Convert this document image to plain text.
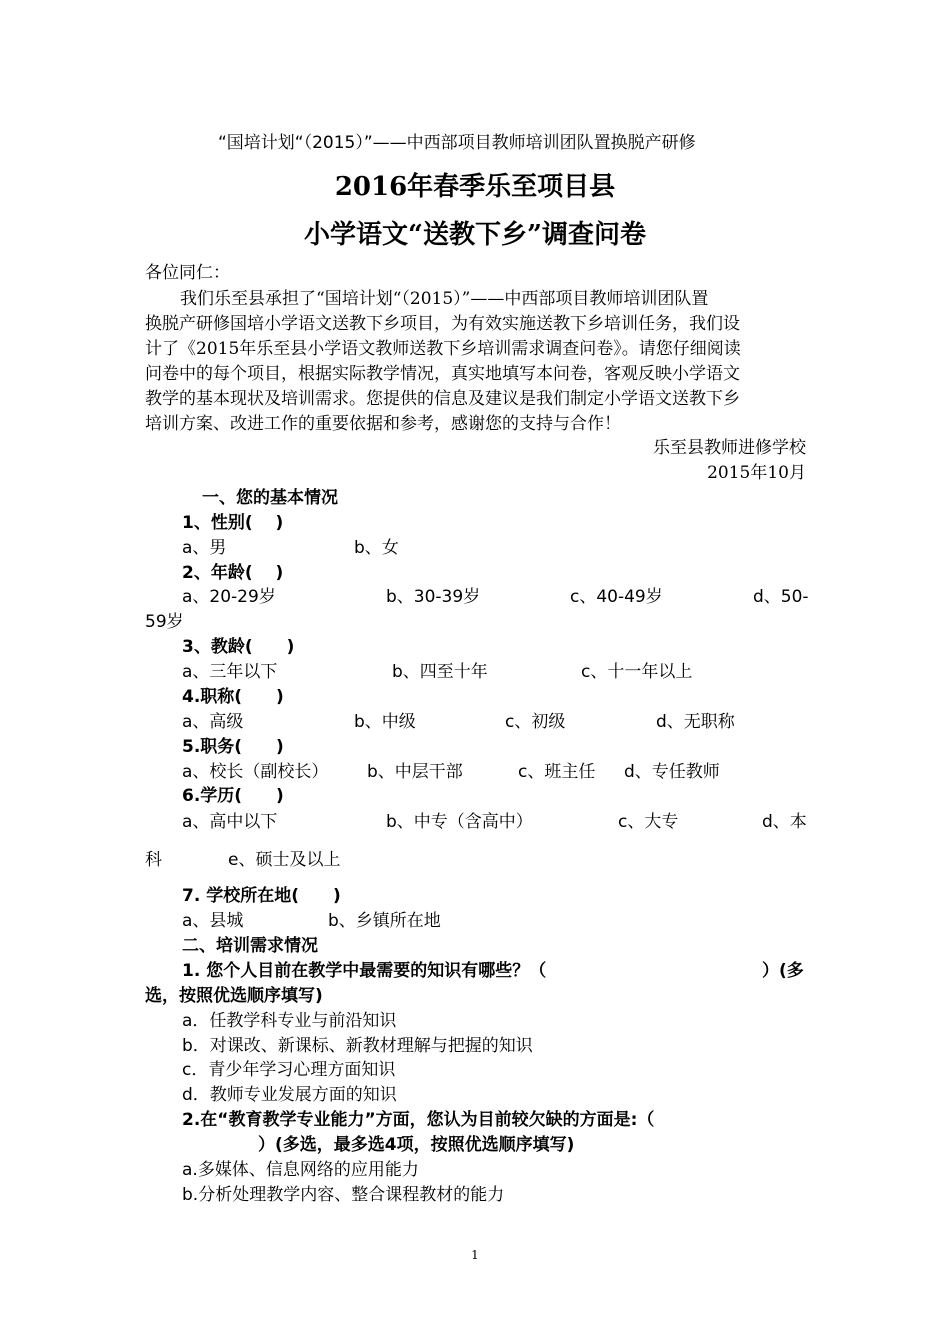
“国培计划“（2015）”——中西部项目教师培训团队置换脱产研修
2016年春季乐至项目县
小学语文“送教下乡”调查问卷
各位同仁：
我们乐至县承担了“国培计划“（2015）”——中西部项目教师培训团队置
换脱产研修国培小学语文送教下乡项目，为有效实施送教下乡培训任务，我们设
计了《2015年乐至县小学语文教师送教下乡培训需求调查问卷》。请您仔细阅读
问卷中的每个项目，根据实际教学情况，真实地填写本问卷，客观反映小学语文
教学的基本现状及培训需求。您提供的信息及建议是我们制定小学语文送教下乡
培训方案、改进工作的重要依据和参考，感谢您的支持与合作！
乐至县教师进修学校
2015年10月
一、您的基本情况
1、性别(　 )
a、男	b、女
2、年龄(　 )
a、20-29岁	b、30-39岁	c、40-49岁	d、50-
59岁
3、教龄(　　)
a、三年以下	b、四至十年	c、十一年以上
4.职称(　　)
a、高级	b、中级	c、初级	d、无职称
5.职务(　　)
a、校长（副校长） b、中层干部	c、班主任 d、专任教师
6.学历(　　)
a、高中以下	b、中专（含高中）	c、大专	d、本
科	e、硕士及以上
7. 学校所在地(　　)
a、县城	b、乡镇所在地
二、培训需求情况
1. 您个人目前在教学中最需要的知识有哪些？（	）(多
选，按照优选顺序填写)
a．任教学科专业与前沿知识
b．对课改、新课标、新教材理解与把握的知识
c．青少年学习心理方面知识
d．教师专业发展方面的知识
2.在“教育教学专业能力”方面，您认为目前较欠缺的方面是:（
）(多选，最多选4项，按照优选顺序填写)
a.多媒体、信息网络的应用能力
b.分析处理教学内容、整合课程教材的能力
1
